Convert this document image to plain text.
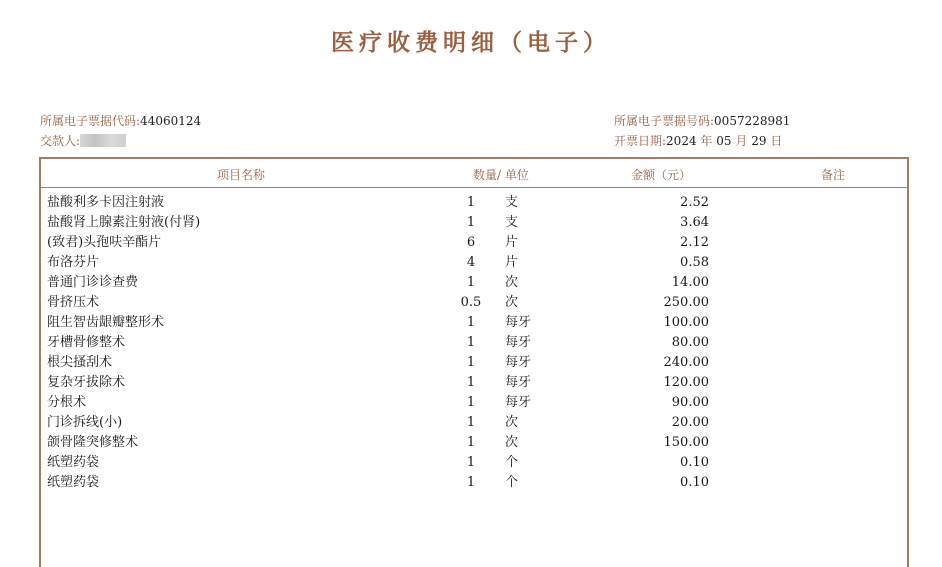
医疗收费明细（电子）
所属电子票据代码:44060124
交款人:
所属电子票据号码:0057228981
开票日期:2024 年 05 月 29 日
项目名称	数量/ 单位	金额（元）	备注
盐酸利多卡因注射液	1	支	2.52
盐酸肾上腺素注射液(付肾)	1	支	3.64
(致君)头孢呋辛酯片	6	片	2.12
布洛芬片	4	片	0.58
普通门诊诊查费	1	次	14.00
骨挤压术	0.5	次	250.00
阻生智齿龈瓣整形术	1	每牙	100.00
牙槽骨修整术	1	每牙	80.00
根尖搔刮术	1	每牙	240.00
复杂牙拔除术	1	每牙	120.00
分根术	1	每牙	90.00
门诊拆线(小)	1	次	20.00
颌骨隆突修整术	1	次	150.00
纸塑药袋	1	个	0.10
纸塑药袋	1	个	0.10
